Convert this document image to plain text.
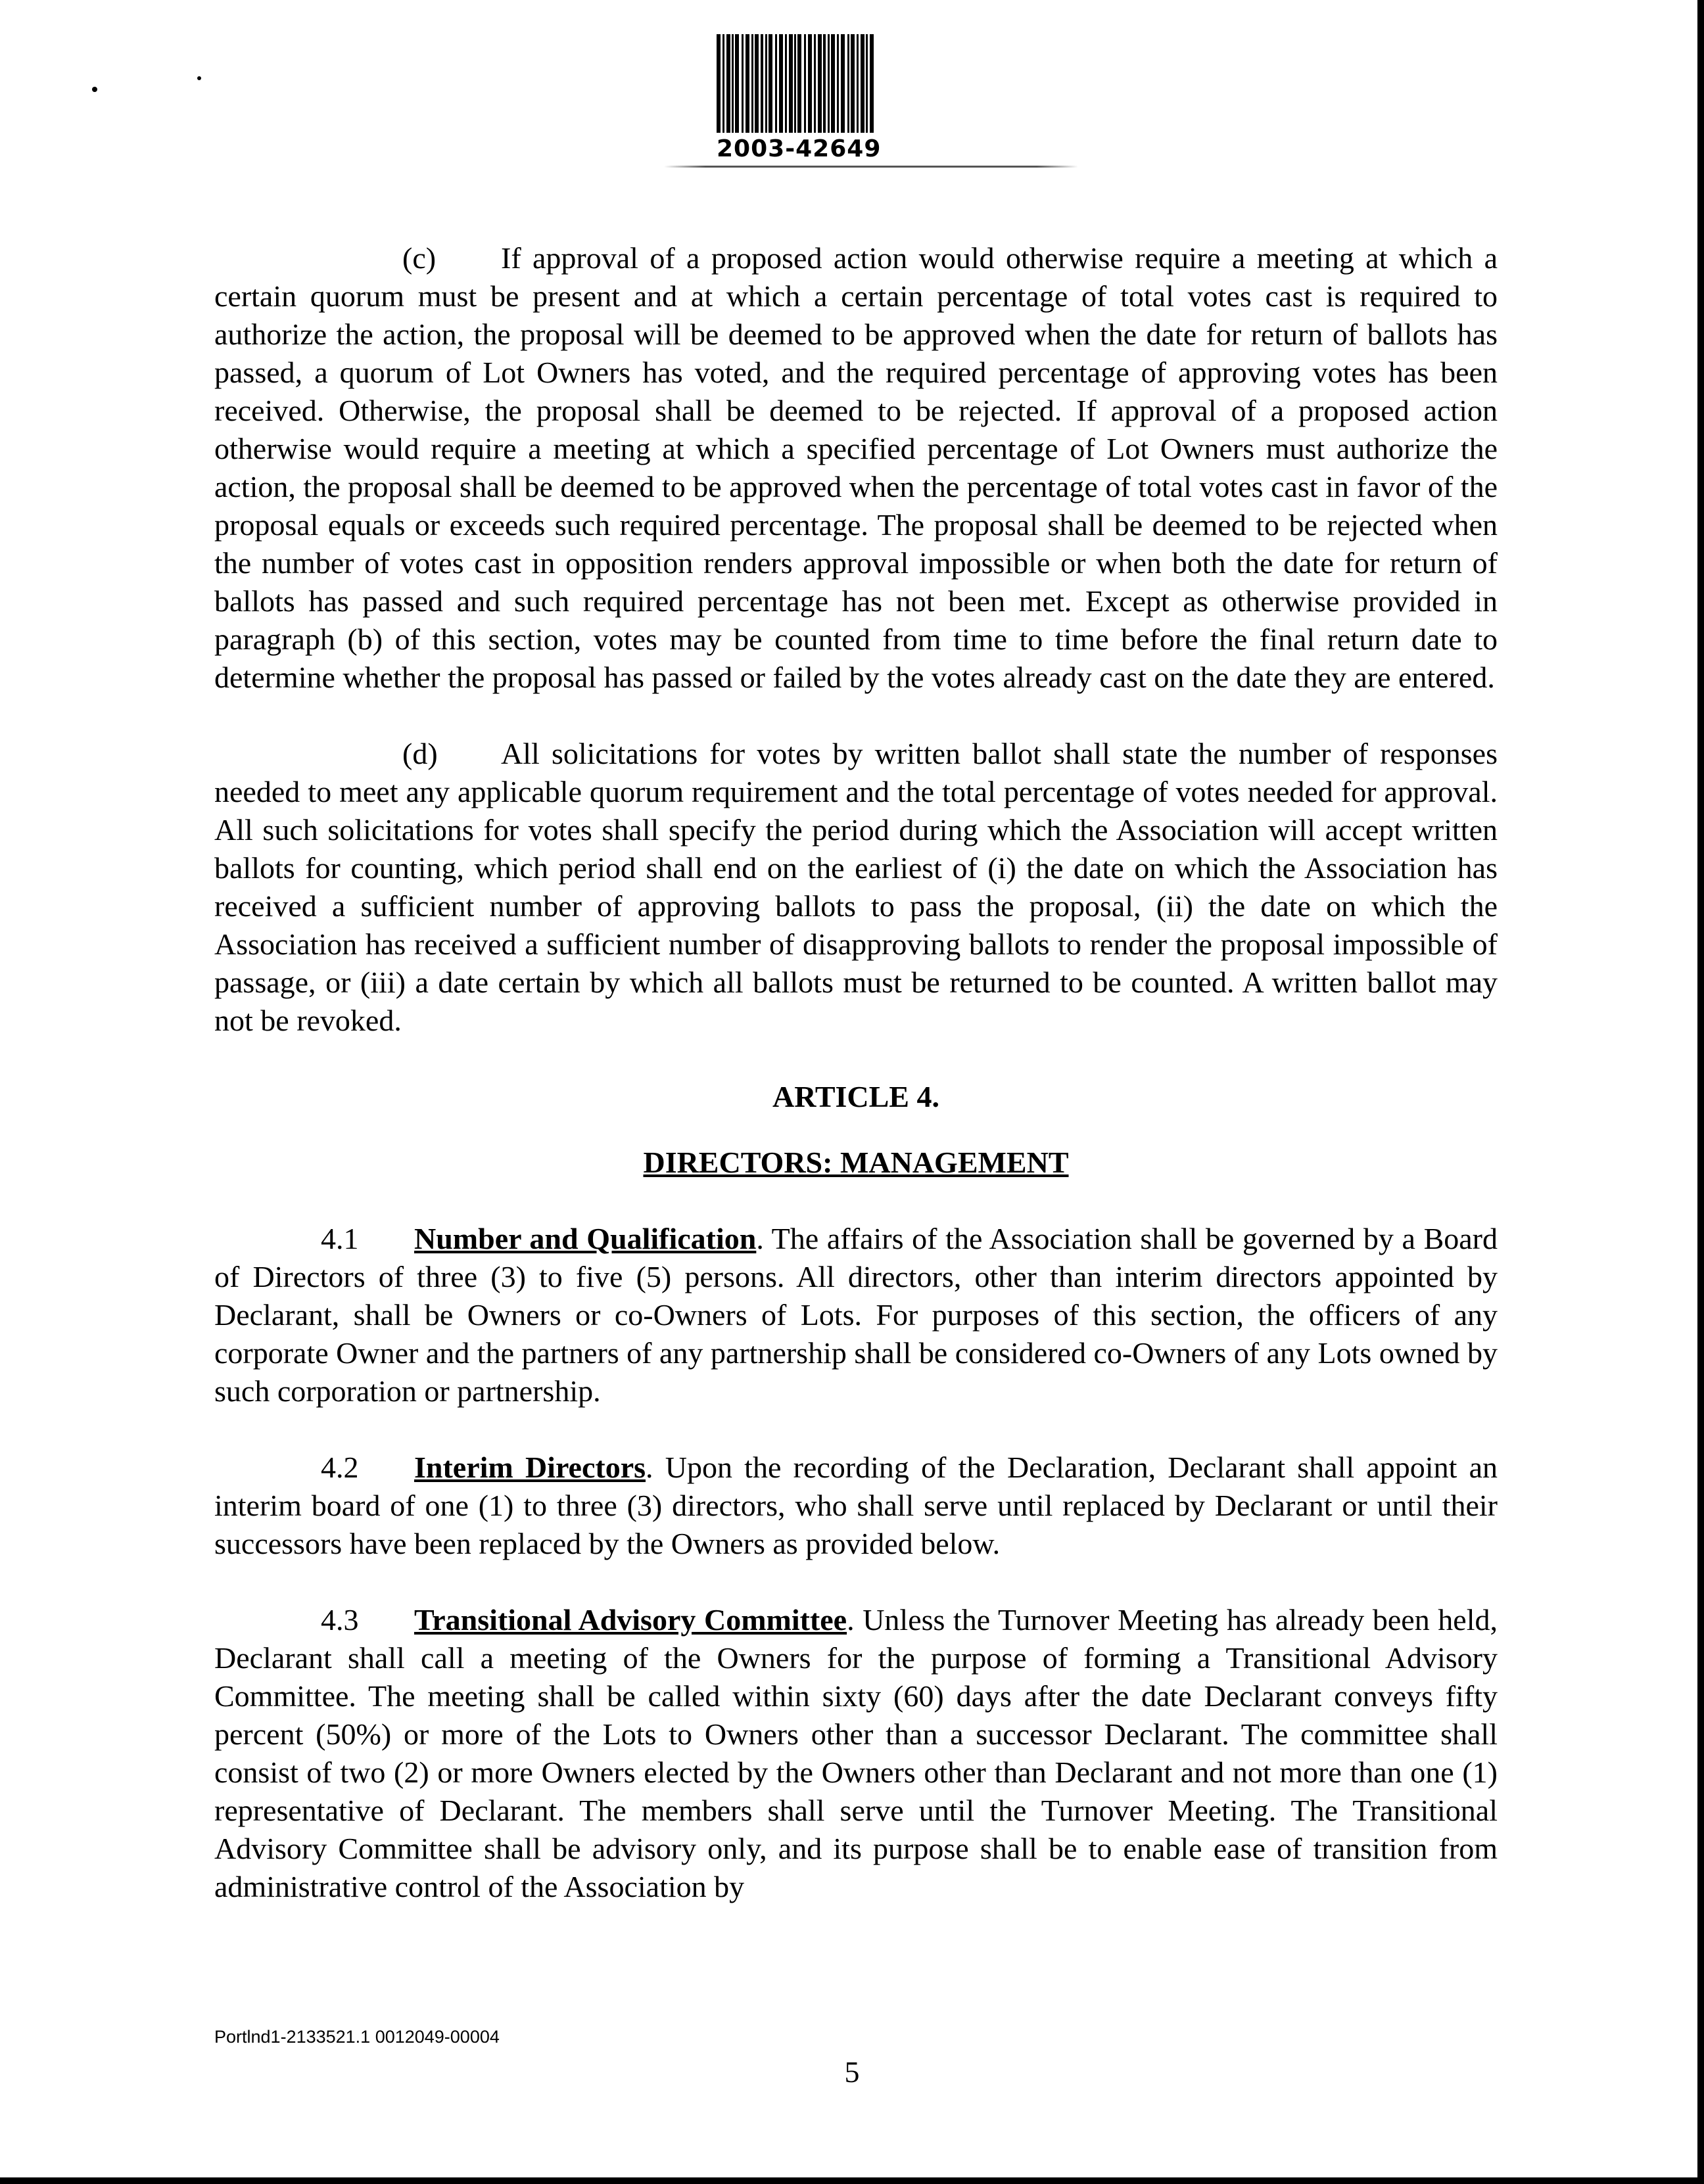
2003-42649

(c) If approval of a proposed action would otherwise require a meeting at which a certain quorum must be present and at which a certain percentage of total votes cast is required to authorize the action, the proposal will be deemed to be approved when the date for return of ballots has passed, a quorum of Lot Owners has voted, and the required percentage of approving votes has been received. Otherwise, the proposal shall be deemed to be rejected. If approval of a proposed action otherwise would require a meeting at which a specified percentage of Lot Owners must authorize the action, the proposal shall be deemed to be approved when the percentage of total votes cast in favor of the proposal equals or exceeds such required percentage. The proposal shall be deemed to be rejected when the number of votes cast in opposition renders approval impossible or when both the date for return of ballots has passed and such required percentage has not been met. Except as otherwise provided in paragraph (b) of this section, votes may be counted from time to time before the final return date to determine whether the proposal has passed or failed by the votes already cast on the date they are entered.

(d) All solicitations for votes by written ballot shall state the number of responses needed to meet any applicable quorum requirement and the total percentage of votes needed for approval. All such solicitations for votes shall specify the period during which the Association will accept written ballots for counting, which period shall end on the earliest of (i) the date on which the Association has received a sufficient number of approving ballots to pass the proposal, (ii) the date on which the Association has received a sufficient number of disapproving ballots to render the proposal impossible of passage, or (iii) a date certain by which all ballots must be returned to be counted. A written ballot may not be revoked.

ARTICLE 4.
DIRECTORS: MANAGEMENT

4.1 Number and Qualification. The affairs of the Association shall be governed by a Board of Directors of three (3) to five (5) persons. All directors, other than interim directors appointed by Declarant, shall be Owners or co-Owners of Lots. For purposes of this section, the officers of any corporate Owner and the partners of any partnership shall be considered co-Owners of any Lots owned by such corporation or partnership.

4.2 Interim Directors. Upon the recording of the Declaration, Declarant shall appoint an interim board of one (1) to three (3) directors, who shall serve until replaced by Declarant or until their successors have been replaced by the Owners as provided below.

4.3 Transitional Advisory Committee. Unless the Turnover Meeting has already been held, Declarant shall call a meeting of the Owners for the purpose of forming a Transitional Advisory Committee. The meeting shall be called within sixty (60) days after the date Declarant conveys fifty percent (50%) or more of the Lots to Owners other than a successor Declarant. The committee shall consist of two (2) or more Owners elected by the Owners other than Declarant and not more than one (1) representative of Declarant. The members shall serve until the Turnover Meeting. The Transitional Advisory Committee shall be advisory only, and its purpose shall be to enable ease of transition from administrative control of the Association by

Portlnd1-2133521.1 0012049-00004
5
